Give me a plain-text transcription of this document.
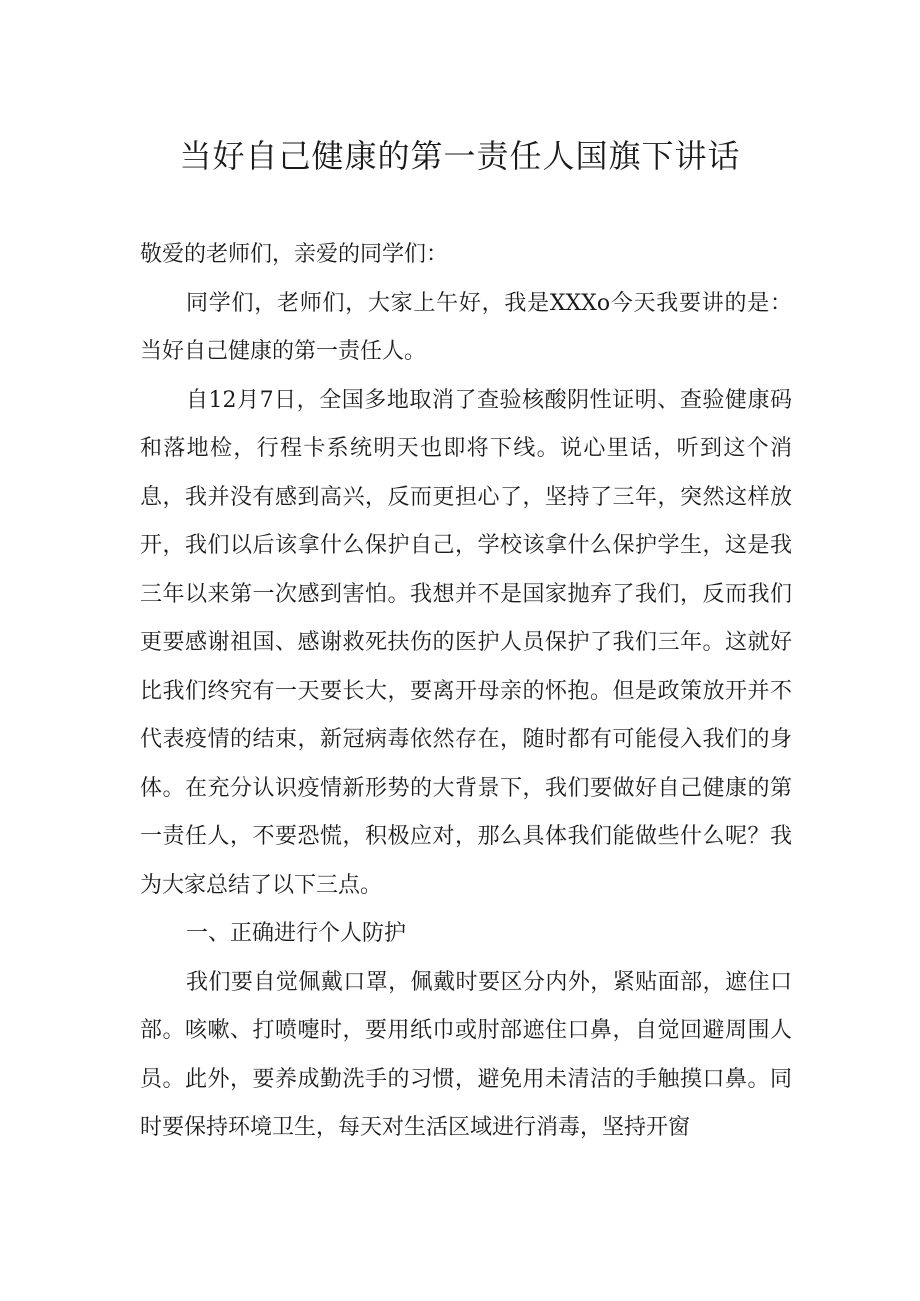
当好自己健康的第一责任人国旗下讲话

敬爱的老师们，亲爱的同学们：

同学们，老师们，大家上午好，我是XXXo今天我要讲的是：当好自己健康的第一责任人。

自12月7日，全国多地取消了查验核酸阴性证明、查验健康码和落地检，行程卡系统明天也即将下线。说心里话，听到这个消息，我并没有感到高兴，反而更担心了，坚持了三年，突然这样放开，我们以后该拿什么保护自己，学校该拿什么保护学生，这是我三年以来第一次感到害怕。我想并不是国家抛弃了我们，反而我们更要感谢祖国、感谢救死扶伤的医护人员保护了我们三年。这就好比我们终究有一天要长大，要离开母亲的怀抱。但是政策放开并不代表疫情的结束，新冠病毒依然存在，随时都有可能侵入我们的身体。在充分认识疫情新形势的大背景下，我们要做好自己健康的第一责任人，不要恐慌，积极应对，那么具体我们能做些什么呢？我为大家总结了以下三点。

一、正确进行个人防护

我们要自觉佩戴口罩，佩戴时要区分内外，紧贴面部，遮住口部。咳嗽、打喷嚏时，要用纸巾或肘部遮住口鼻，自觉回避周围人员。此外，要养成勤洗手的习惯，避免用未清洁的手触摸口鼻。同时要保持环境卫生，每天对生活区域进行消毒，坚持开窗
